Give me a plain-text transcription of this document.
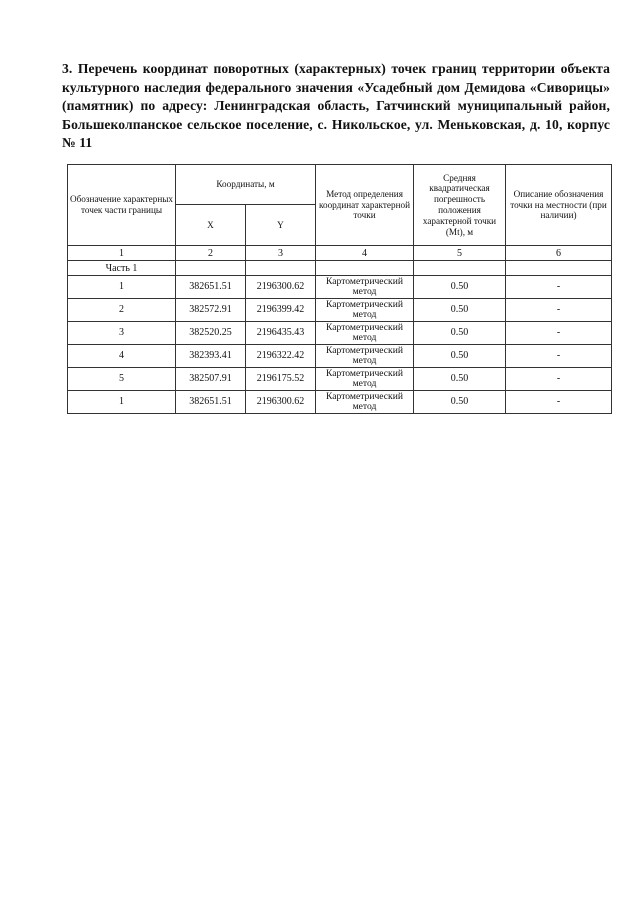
3. Перечень координат поворотных (характерных) точек границ территории объекта культурного наследия федерального значения «Усадебный дом Демидова «Сиворицы» (памятник) по адресу: Ленинградская область, Гатчинский муниципальный район, Большеколпанское сельское поселение, с. Никольское, ул. Меньковская, д. 10, корпус № 11
Обозначение характерных точек части границы	Координаты, м		Метод определения координат характерной точки	Средняя квадратическая погрешность положения характерной точки (Mt), м	Описание обозначения точки на местности (при наличии)
	X	Y			
1	2	3	4	5	6
Часть 1					
1	382651.51	2196300.62	Картометрический метод	0.50	-
2	382572.91	2196399.42	Картометрический метод	0.50	-
3	382520.25	2196435.43	Картометрический метод	0.50	-
4	382393.41	2196322.42	Картометрический метод	0.50	-
5	382507.91	2196175.52	Картометрический метод	0.50	-
1	382651.51	2196300.62	Картометрический метод	0.50	-
